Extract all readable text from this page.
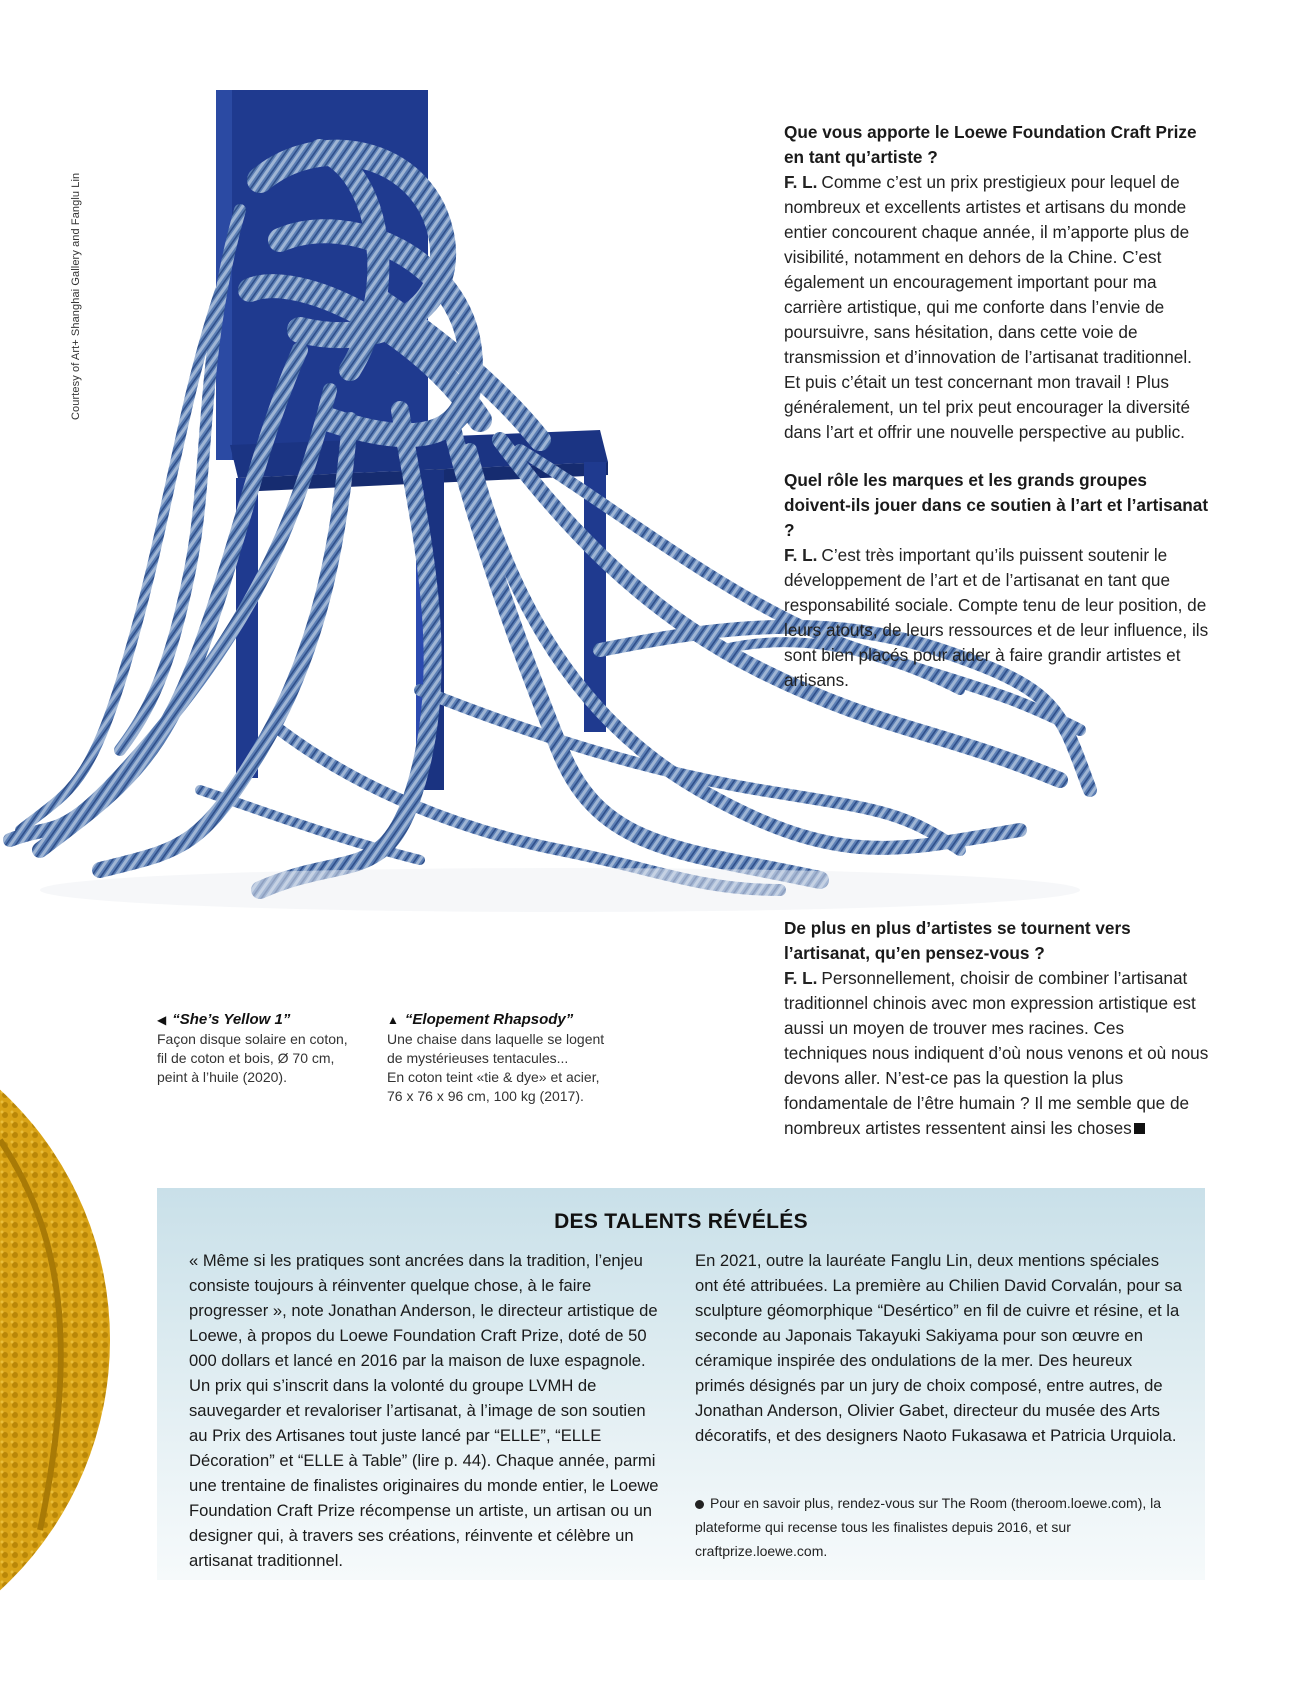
Courtesy of Art+ Shanghai Gallery and Fanglu Lin

Que vous apporte le Loewe Foundation Craft Prize en tant qu’artiste ?

F. L. Comme c’est un prix prestigieux pour lequel de nombreux et excellents artistes et artisans du monde entier concourent chaque année, il m’apporte plus de visibilité, notamment en dehors de la Chine. C’est également un encouragement important pour ma carrière artistique, qui me conforte dans l’envie de poursuivre, sans hésitation, dans cette voie de transmission et d’innovation de l’artisanat traditionnel. Et puis c’était un test concernant mon travail ! Plus généralement, un tel prix peut encourager la diversité dans l’art et offrir une nouvelle perspective au public.

Quel rôle les marques et les grands groupes doivent-ils jouer dans ce soutien à l’art et l’artisanat ?

F. L. C’est très important qu’ils puissent soutenir le développement de l’art et de l’artisanat en tant que responsabilité sociale. Compte tenu de leur position, de leurs atouts, de leurs ressources et de leur influence, ils sont bien placés pour aider à faire grandir artistes et artisans.

De plus en plus d’artistes se tournent vers l’artisanat, qu’en pensez-vous ?

F. L. Personnellement, choisir de combiner l’artisanat traditionnel chinois avec mon expression artistique est aussi un moyen de trouver mes racines. Ces techniques nous indiquent d’où nous venons et où nous devons aller. N’est-ce pas la question la plus fondamentale de l’être humain ? Il me semble que de nombreux artistes ressentent ainsi les choses

◀ “She’s Yellow 1”

Façon disque solaire en coton,

fil de coton et bois, Ø 70 cm,

peint à l’huile (2020).

▲ “Elopement Rhapsody”

Une chaise dans laquelle se logent

de mystérieuses tentacules...

En coton teint «tie & dye» et acier,

76 x 76 x 96 cm, 100 kg (2017).

DES TALENTS RÉVÉLÉS

« Même si les pratiques sont ancrées dans la tradition, l’enjeu consiste toujours à réinventer quelque chose, à le faire progresser », note Jonathan Anderson, le directeur artistique de Loewe, à propos du Loewe Foundation Craft Prize, doté de 50 000 dollars et lancé en 2016 par la maison de luxe espagnole. Un prix qui s’inscrit dans la volonté du groupe LVMH de sauvegarder et revaloriser l’artisanat, à l’image de son soutien au Prix des Artisanes tout juste lancé par “ELLE”, “ELLE Décoration” et “ELLE à Table” (lire p. 44). Chaque année, parmi une trentaine de finalistes originaires du monde entier, le Loewe Foundation Craft Prize récompense un artiste, un artisan ou un designer qui, à travers ses créations, réinvente et célèbre un artisanat traditionnel.

En 2021, outre la lauréate Fanglu Lin, deux mentions spéciales ont été attribuées. La première au Chilien David Corvalán, pour sa sculpture géomorphique “Desértico” en fil de cuivre et résine, et la seconde au Japonais Takayuki Sakiyama pour son œuvre en céramique inspirée des ondulations de la mer. Des heureux primés désignés par un jury de choix composé, entre autres, de Jonathan Anderson, Olivier Gabet, directeur du musée des Arts décoratifs, et des designers Naoto Fukasawa et Patricia Urquiola.

Pour en savoir plus, rendez-vous sur The Room (theroom.loewe.com), la plateforme qui recense tous les finalistes depuis 2016, et sur craftprize.loewe.com.
